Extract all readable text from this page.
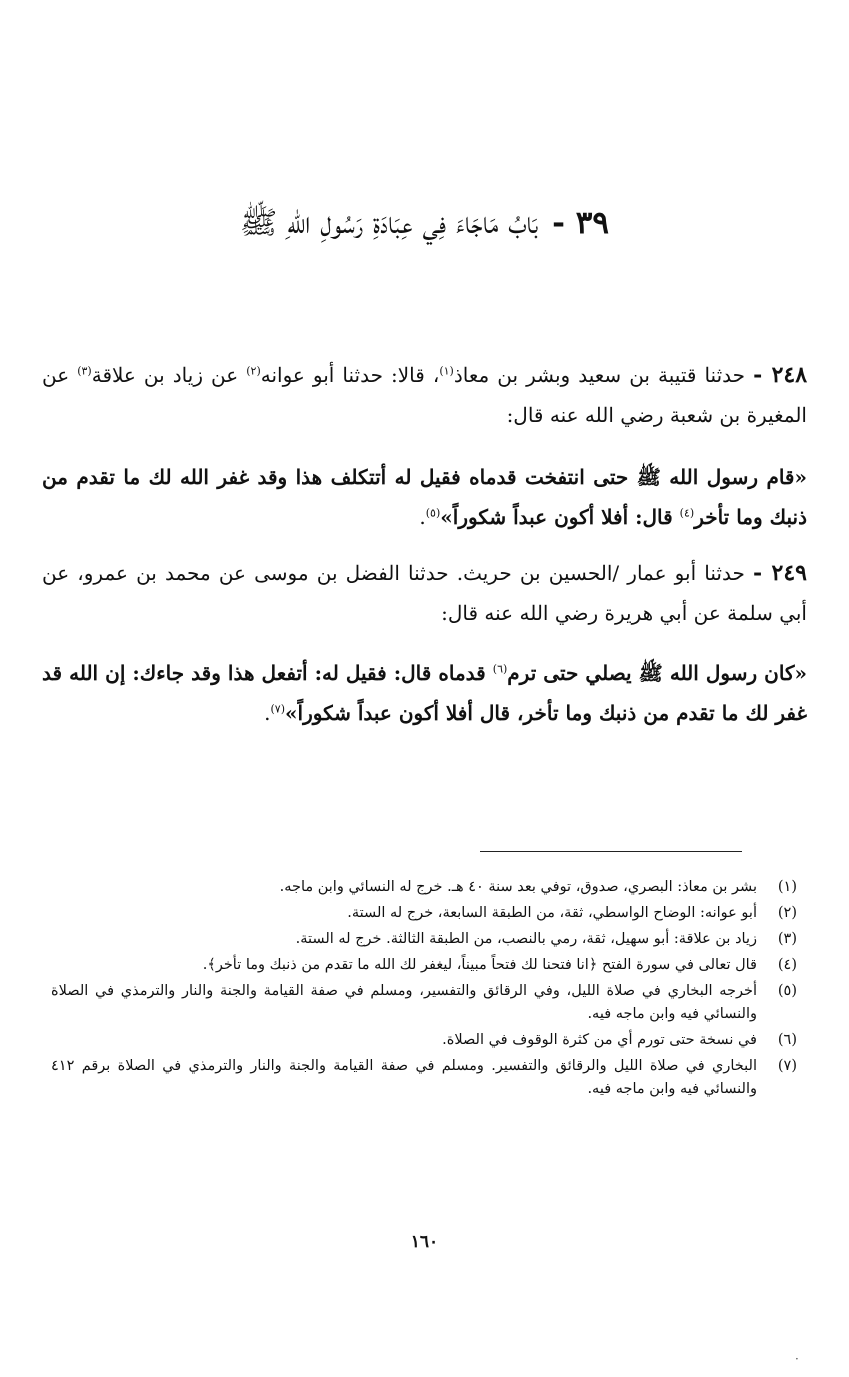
٣٩ - بَابُ مَاجَاءَ فِي عِبَادَةِ رَسُولِ اللهِ ﷺ
٢٤٨ - حدثنا قتيبة بن سعيد وبشر بن معاذ$^{(١)}$، قالا: حدثنا أبو عوانه$^{(٢)}$ عن زياد بن علاقة$^{(٣)}$ عن المغيرة بن شعبة رضي الله عنه قال:
«قام رسول الله ﷺ حتى انتفخت قدماه فقيل له أتتكلف هذا وقد غفر الله لك ما تقدم من ذنبك وما تأخر$^{(٤)}$ قال: أفلا أكون عبداً شكوراً»$^{(٥)}$.
٢٤٩ - حدثنا أبو عمار /الحسين بن حريث. حدثنا الفضل بن موسى عن محمد بن عمرو، عن أبي سلمة عن أبي هريرة رضي الله عنه قال:
«كان رسول الله ﷺ يصلي حتى ترم$^{(٦)}$ قدماه قال: فقيل له: أتفعل هذا وقد جاءك: إن الله قد غفر لك ما تقدم من ذنبك وما تأخر، قال أفلا أكون عبداً شكوراً»$^{(٧)}$.
(١)
بشر بن معاذ: البصري، صدوق، توفي بعد سنة ٤٠ هـ. خرج له النسائي وابن ماجه.
(٢)
أبو عوانه: الوضاح الواسطي، ثقة، من الطبقة السابعة، خرج له الستة.
(٣)
زياد بن علاقة: أبو سهيل، ثقة، رمي بالنصب، من الطبقة الثالثة. خرج له الستة.
(٤)
قال تعالى في سورة الفتح ﴿انا فتحنا لك فتحاً مبيناً، ليغفر لك الله ما تقدم من ذنبك وما تأخر﴾.
(٥)
أخرجه البخاري في صلاة الليل، وفي الرقائق والتفسير، ومسلم في صفة القيامة والجنة والنار والترمذي في الصلاة والنسائي فيه وابن ماجه فيه.
(٦)
في نسخة حتى تورم أي من كثرة الوقوف في الصلاة.
(٧)
البخاري في صلاة الليل والرقائق والتفسير. ومسلم في صفة القيامة والجنة والنار والترمذي في الصلاة برقم ٤١٢ والنسائي فيه وابن ماجه فيه.
١٦٠
·
